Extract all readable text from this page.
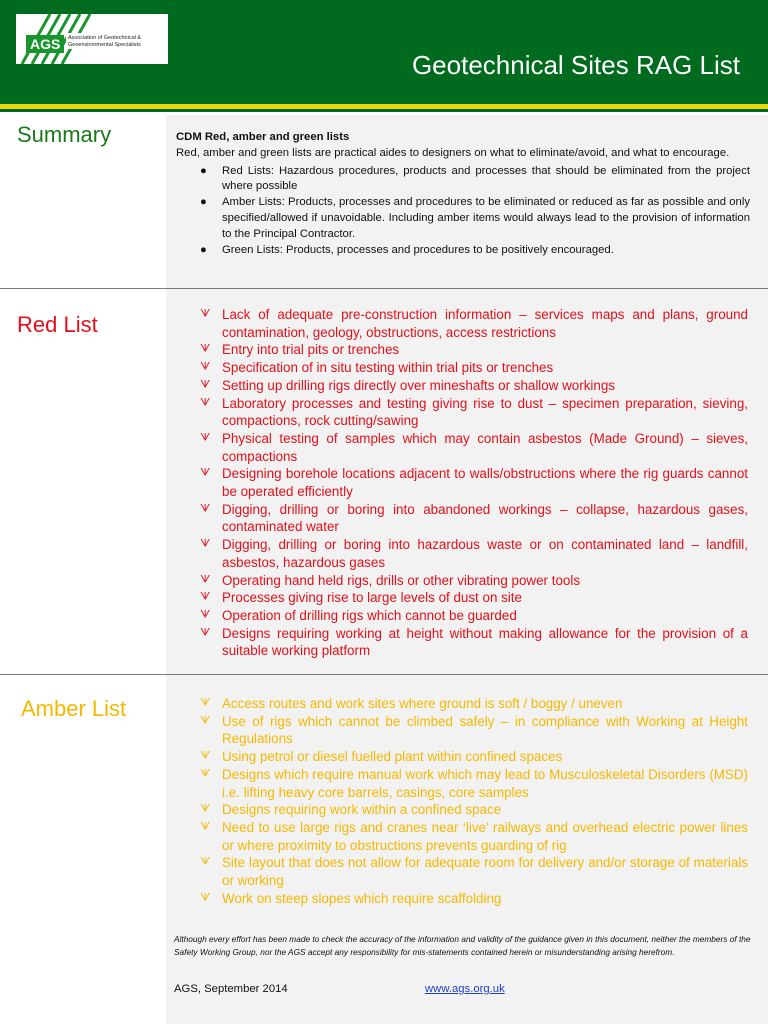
AGS	Association of Geotechnical & Geoenvironmental Specialists
Geotechnical Sites RAG List
Summary	CDM Red, amber and green lists
Red, amber and green lists are practical aides to designers on what to eliminate/avoid, and what to encourage.
● Red Lists: Hazardous procedures, products and processes that should be eliminated from the project where possible
● Amber Lists: Products, processes and procedures to be eliminated or reduced as far as possible and only specified/allowed if unavoidable. Including amber items would always lead to the provision of information to the Principal Contractor.
● Green Lists: Products, processes and procedures to be positively encouraged.
Red List	ᗐ Lack of adequate pre-construction information – services maps and plans, ground contamination, geology, obstructions, access restrictions
ᗐ Entry into trial pits or trenches
ᗐ Specification of in situ testing within trial pits or trenches
ᗐ Setting up drilling rigs directly over mineshafts or shallow workings
ᗐ Laboratory processes and testing giving rise to dust – specimen preparation, sieving, compactions, rock cutting/sawing
ᗐ Physical testing of samples which may contain asbestos (Made Ground) – sieves, compactions
ᗐ Designing borehole locations adjacent to walls/obstructions where the rig guards cannot be operated efficiently
ᗐ Digging, drilling or boring into abandoned workings – collapse, hazardous gases, contaminated water
ᗐ Digging, drilling or boring into hazardous waste or on contaminated land – landfill, asbestos, hazardous gases
ᗐ Operating hand held rigs, drills or other vibrating power tools
ᗐ Processes giving rise to large levels of dust on site
ᗐ Operation of drilling rigs which cannot be guarded
ᗐ Designs requiring working at height without making allowance for the provision of a suitable working platform
Amber List	ᗐ Access routes and work sites where ground is soft / boggy / uneven
ᗐ Use of rigs which cannot be climbed safely – in compliance with Working at Height Regulations
ᗐ Using petrol or diesel fuelled plant within confined spaces
ᗐ Designs which require manual work which may lead to Musculoskeletal Disorders (MSD) i.e. lifting heavy core barrels, casings, core samples
ᗐ Designs requiring work within a confined space
ᗐ Need to use large rigs and cranes near ‘live’ railways and overhead electric power lines or where proximity to obstructions prevents guarding of rig
ᗐ Site layout that does not allow for adequate room for delivery and/or storage of materials or working
ᗐ Work on steep slopes which require scaffolding
Although every effort has been made to check the accuracy of the information and validity of the guidance given in this document, neither the members of the Safety Working Group, nor the AGS accept any responsibility for mis-statements contained herein or misunderstanding arising herefrom.
AGS, September 2014	www.ags.org.uk
